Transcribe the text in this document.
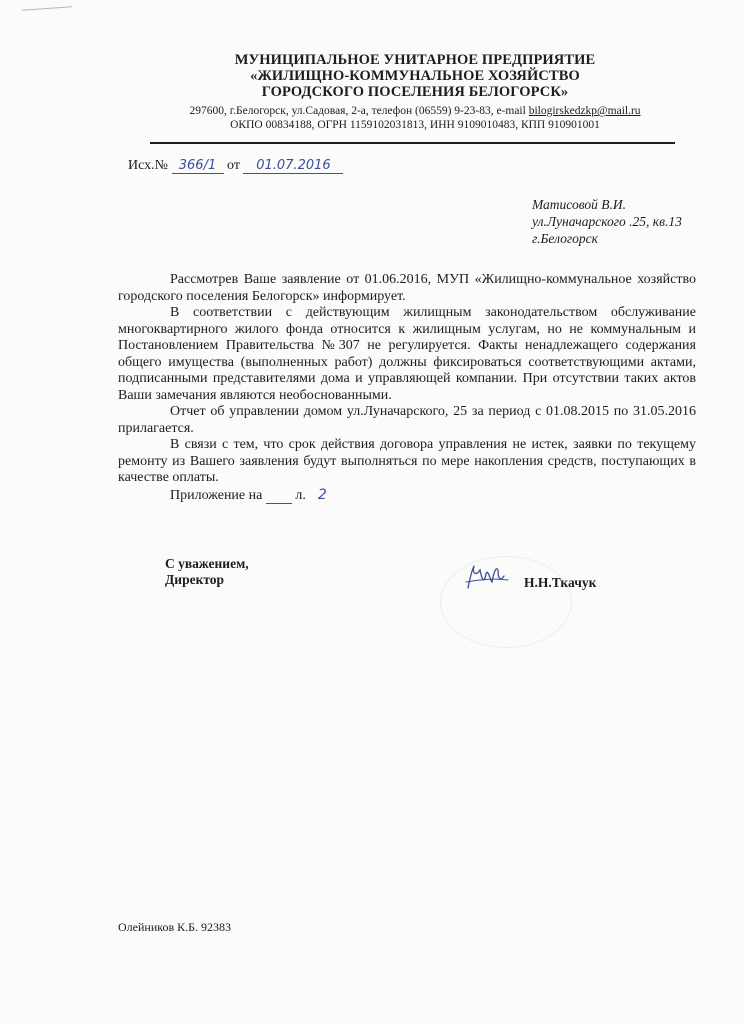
МУНИЦИПАЛЬНОЕ УНИТАРНОЕ ПРЕДПРИЯТИЕ
«ЖИЛИЩНО-КОММУНАЛЬНОЕ ХОЗЯЙСТВО
ГОРОДСКОГО ПОСЕЛЕНИЯ БЕЛОГОРСК»
297600, г.Белогорск, ул.Садовая, 2-а, телефон (06559) 9-23-83, e-mail bilogirskedzkp@mail.ru
ОКПО 00834188, ОГРН 1159102031813, ИНН 9109010483, КПП 910901001
Исх.№ 366/1 от 01.07.2016
Матисовой В.И.
ул.Луначарского .25, кв.13
г.Белогорск

Рассмотрев Ваше заявление от 01.06.2016, МУП «Жилищно-коммунальное хозяйство городского поселения Белогорск» информирует.

В соответствии с действующим жилищным законодательством обслуживание многоквартирного жилого фонда относится к жилищным услугам, но не коммунальным и Постановлением Правительства №307 не регулируется. Факты ненадлежащего содержания общего имущества (выполненных работ) должны фиксироваться соответствующими актами, подписанными представителями дома и управляющей компании. При отсутствии таких актов Ваши замечания являются необоснованными.

Отчет об управлении домом ул.Луначарского, 25 за период с 01.08.2015 по 31.05.2016 прилагается.

В связи с тем, что срок действия договора управления не истек, заявки по текущему ремонту из Вашего заявления будут выполняться по мере накопления средств, поступающих в качестве оплаты.

Приложение на	2 л.

С уважением,
Директор	Н.Н.Ткачук
Олейников К.Б. 92383
